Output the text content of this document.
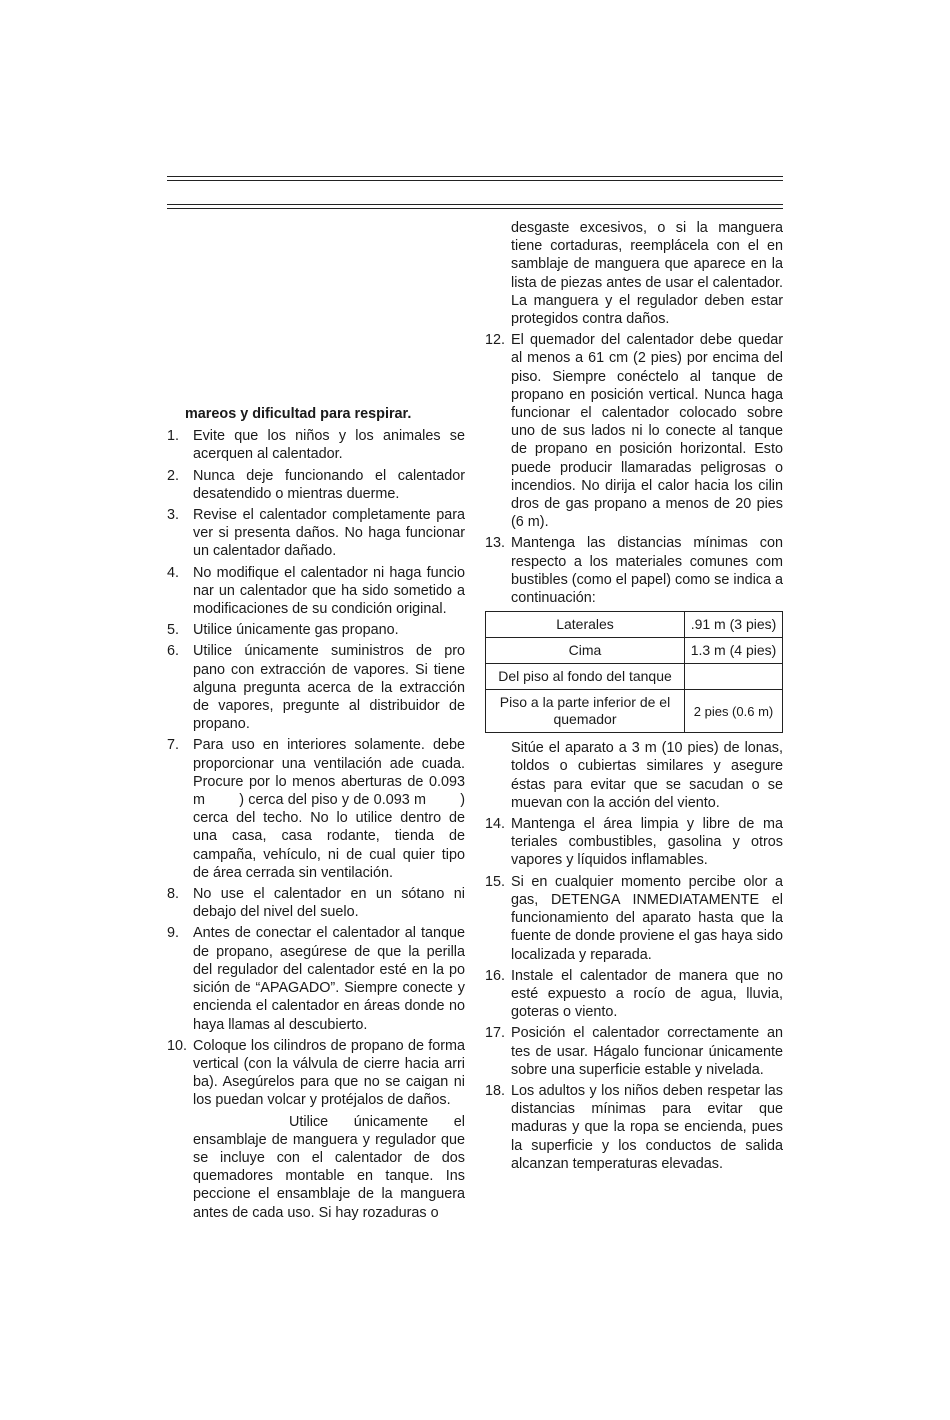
mareos y dificultad para respirar.

1. Evite que los niños y los animales se acerquen al calentador.
2. Nunca deje funcionando el calentador desatendido o mientras duerme.
3. Revise el calentador completamente para ver si presenta daños. No haga funcionar un calentador dañado.
4. No modifique el calentador ni haga funcio nar un calentador que ha sido sometido a modificaciones de su condición original.
5. Utilice únicamente gas propano.
6. Utilice únicamente suministros de pro pano con extracción de vapores. Si tiene alguna pregunta acerca de la extracción de vapores, pregunte al distribuidor de propano.
7. Para uso en interiores solamente. debe proporcionar una ventilación ade cuada. Procure por lo menos aberturas de 0.093 m        ) cerca del piso y de 0.093 m        ) cerca del techo. No lo utilice dentro de una casa, casa rodante, tienda de campaña, vehículo, ni de cual quier tipo de área cerrada sin ventilación.
8. No use el calentador en un sótano ni debajo del nivel del suelo.
9. Antes de conectar el calentador al tanque de propano, asegúrese de que la perilla del regulador del calentador esté en la po sición de “APAGADO”. Siempre conecte y encienda el calentador en áreas donde no haya llamas al descubierto.
10. Coloque los cilindros de propano de forma vertical (con la válvula de cierre hacia arri ba). Asegúrelos para que no se caigan ni los puedan volcar y protéjalos de daños.

Utilice únicamente el ensamblaje de manguera y regulador que se incluye con el calentador de dos quemadores montable en tanque. Ins peccione el ensamblaje de la manguera antes de cada uso. Si hay rozaduras o

desgaste excesivos, o si la manguera tiene cortaduras, reemplácela con el en samblaje de manguera que aparece en la lista de piezas antes de usar el calentador. La manguera y el regulador deben estar protegidos contra daños.

12. El quemador del calentador debe quedar al menos a 61 cm (2 pies) por encima del piso. Siempre conéctelo al tanque de propano en posición vertical. Nunca haga funcionar el calentador colocado sobre uno de sus lados ni lo conecte al tanque de propano en posición horizontal. Esto puede producir llamaradas peligrosas o incendios. No dirija el calor hacia los cilin dros de gas propano a menos de 20 pies (6 m).
13. Mantenga las distancias mínimas con respecto a los materiales comunes com bustibles (como el papel) como se indica a continuación:
Laterales	.91 m (3 pies)
Cima	1.3 m (4 pies)
Del piso al fondo del tanque	
Piso a la parte inferior de el quemador	2 pies (0.6 m)

Sitúe el aparato a 3 m (10 pies) de lonas, toldos o cubiertas similares y asegure éstas para evitar que se sacudan o se muevan con la acción del viento.

14. Mantenga el área limpia y libre de ma teriales combustibles, gasolina y otros vapores y líquidos inflamables.
15. Si en cualquier momento percibe olor a gas, DETENGA INMEDIATAMENTE el funcionamiento del aparato hasta que la fuente de donde proviene el gas haya sido localizada y reparada.
16. Instale el calentador de manera que no esté expuesto a rocío de agua, lluvia, goteras o viento.
17. Posición el calentador correctamente an tes de usar. Hágalo funcionar únicamente sobre una superficie estable y nivelada.
18. Los adultos y los niños deben respetar las distancias mínimas para evitar que maduras y que la ropa se encienda, pues la superficie y los conductos de salida alcanzan temperaturas elevadas.
